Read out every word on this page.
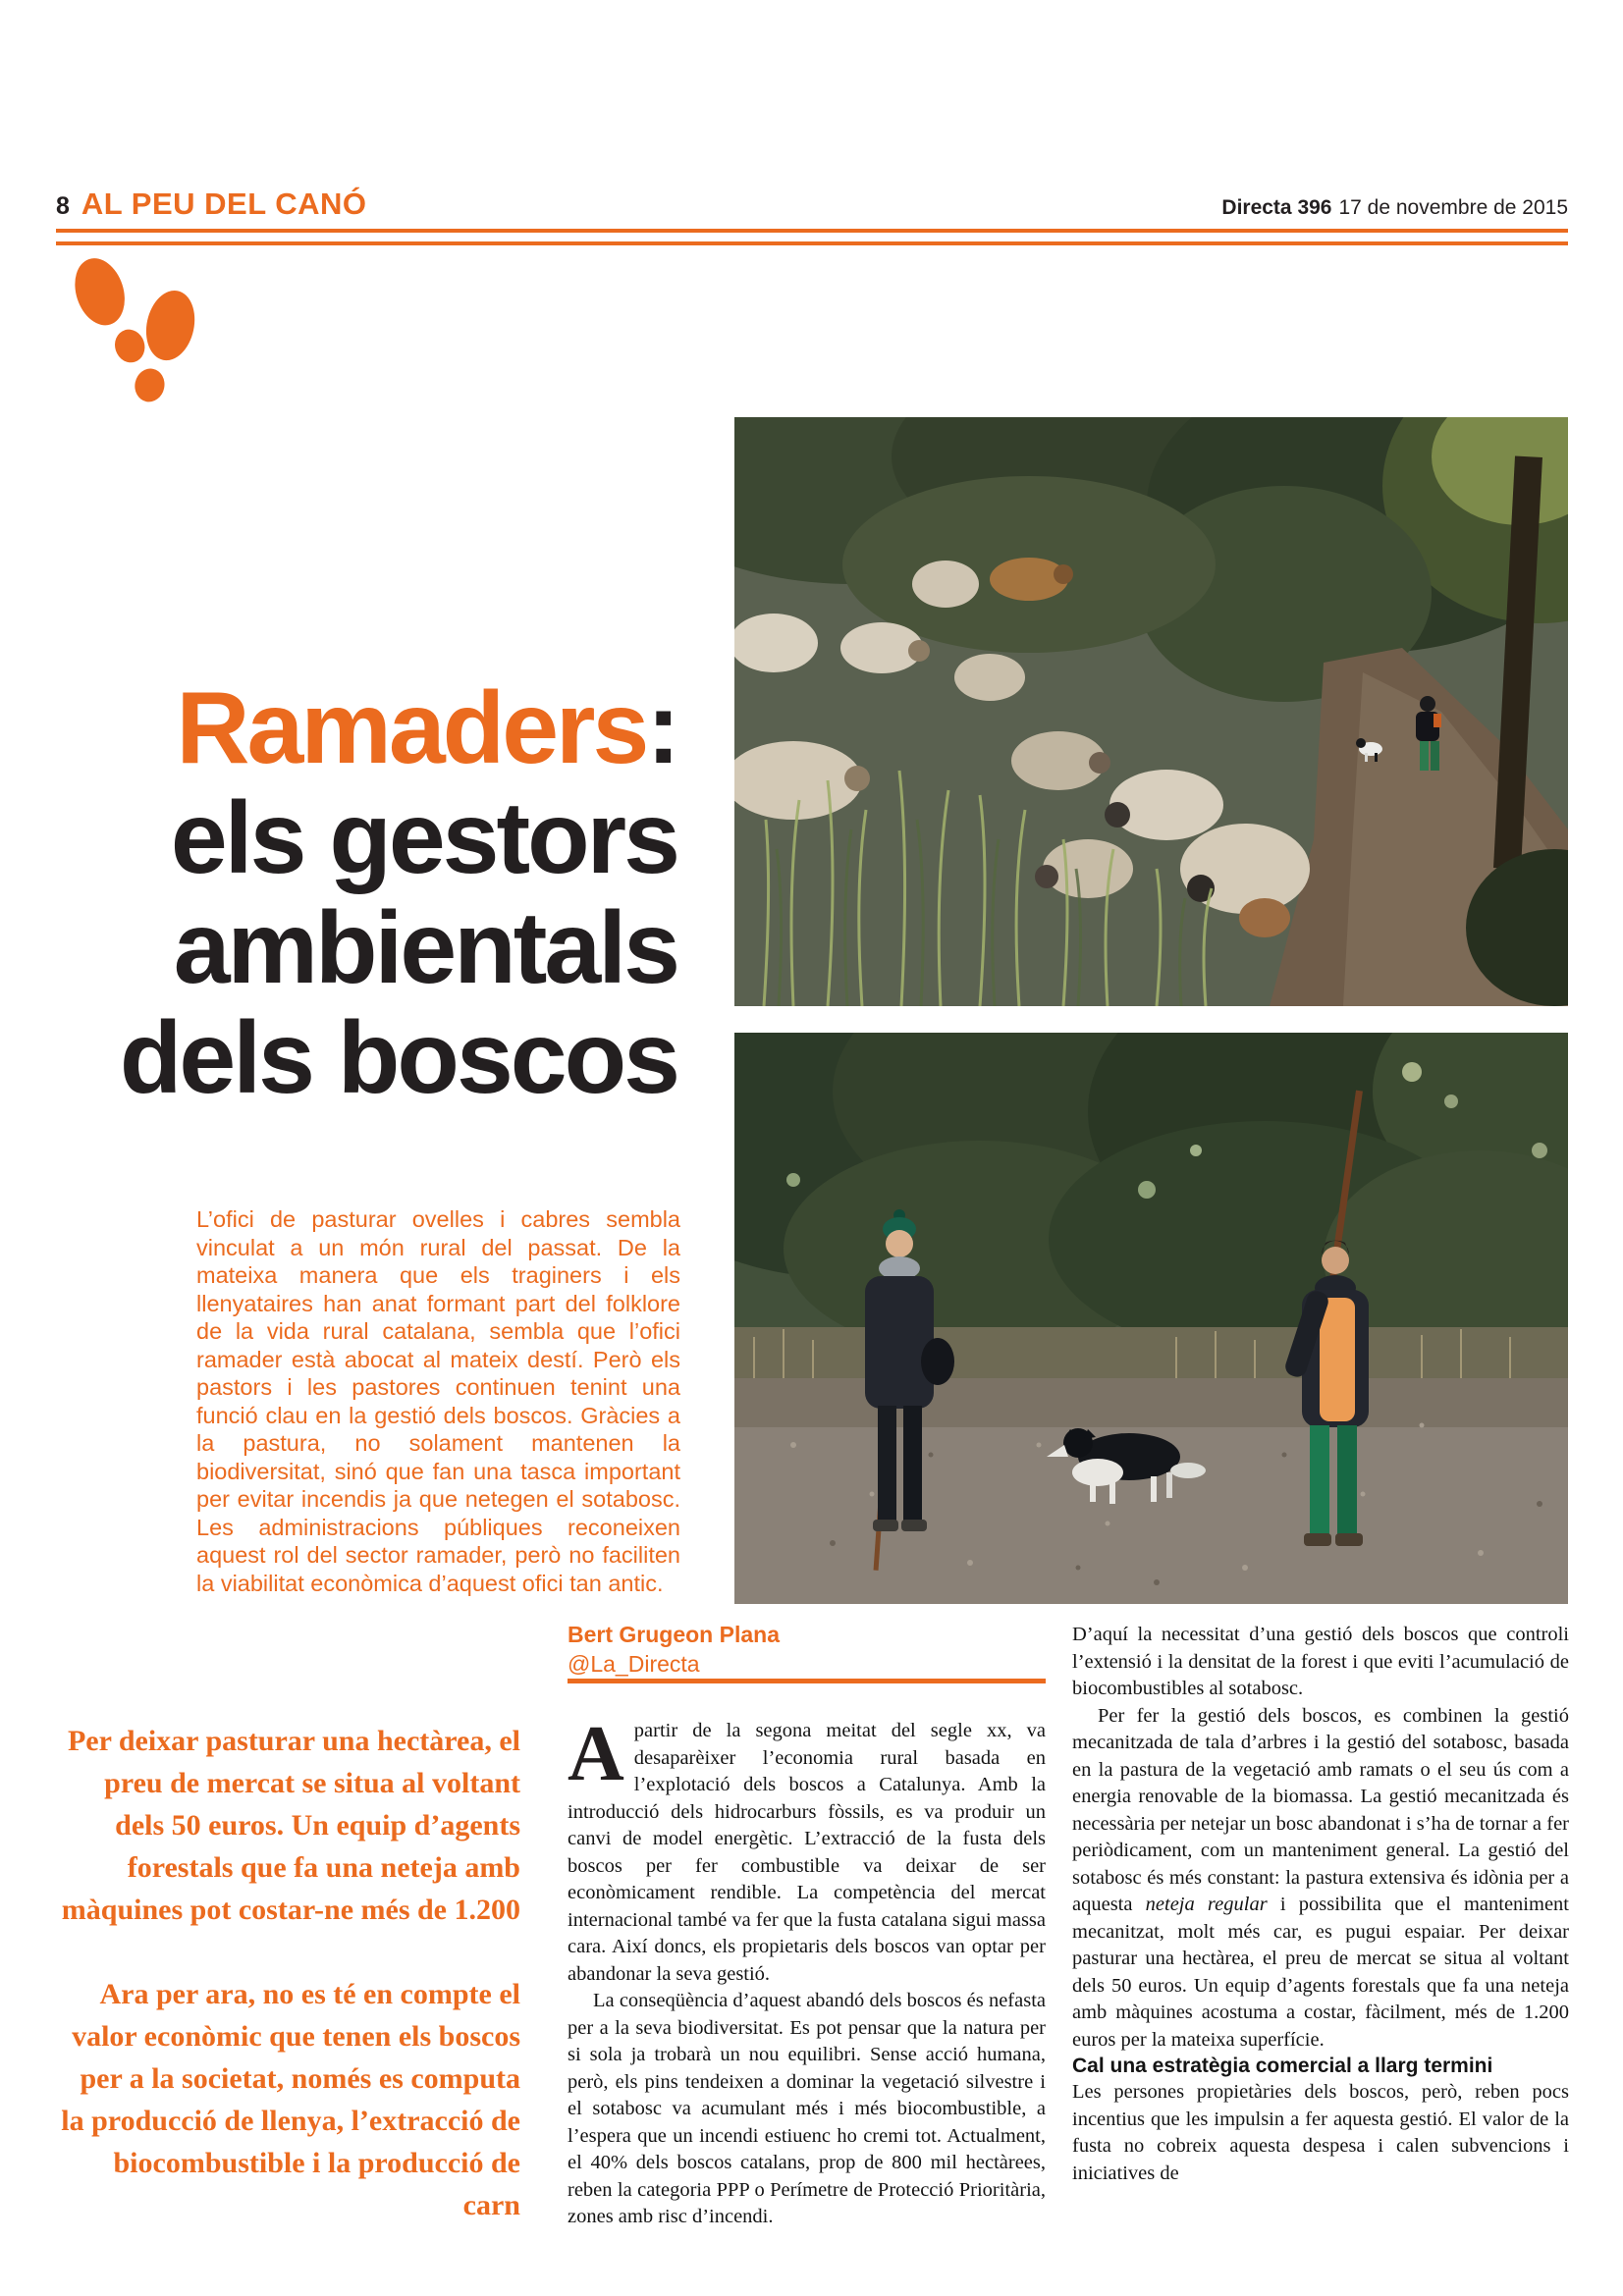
8 AL PEU DEL CANÓ	Directa 396 17 de novembre de 2015
Ramaders:
els gestors
ambientals
dels boscos
L’ofici de pasturar ovelles i cabres sembla vinculat a un món rural del passat. De la mateixa manera que els traginers i els llenyataires han anat formant part del folklore de la vida rural catalana, sembla que l’ofici ramader està abocat al mateix destí. Però els pastors i les pastores continuen tenint una funció clau en la gestió dels boscos. Gràcies a la pastura, no solament mantenen la biodiversitat, sinó que fan una tasca important per evitar incendis ja que netegen el sotabosc. Les administracions públiques reconeixen aquest rol del sector ramader, però no faciliten la viabilitat econòmica d’aquest ofici tan antic.
Bert Grugeon Plana
@La_Directa

Per deixar pasturar una hectàrea, el preu de mercat se situa al voltant dels 50 euros. Un equip d’agents forestals que fa una neteja amb màquines pot costar-ne més de 1.200

Ara per ara, no es té en compte el valor econòmic que tenen els boscos per a la societat, només es computa la producció de llenya, l’extracció de biocombustible i la producció de carn

Apartir de la segona meitat del segle xx, va desaparèixer l’economia rural basada en l’explotació dels boscos a Catalunya. Amb la introducció dels hidrocarburs fòssils, es va produir un canvi de model energètic. L’extracció de la fusta dels boscos per fer combustible va deixar de ser econòmicament rendible. La competència del mercat internacional també va fer que la fusta catalana sigui massa cara. Així doncs, els propietaris dels boscos van optar per abandonar la seva gestió.

La conseqüència d’aquest abandó dels boscos és nefasta per a la seva biodiversitat. Es pot pensar que la natura per si sola ja trobarà un nou equilibri. Sense acció humana, però, els pins tendeixen a dominar la vegetació silvestre i el sotabosc va acumulant més i més biocombustible, a l’espera que un incendi estiuenc ho cremi tot. Actualment, el 40% dels boscos catalans, prop de 800 mil hectàrees, reben la categoria PPP o Perímetre de Protecció Prioritària, zones amb risc d’incendi.

D’aquí la necessitat d’una gestió dels boscos que controli l’extensió i la densitat de la forest i que eviti l’acumulació de biocombustibles al sotabosc.

Per fer la gestió dels boscos, es combinen la gestió mecanitzada de tala d’arbres i la gestió del sotabosc, basada en la pastura de la vegetació amb ramats o el seu ús com a energia renovable de la biomassa. La gestió mecanitzada és necessària per netejar un bosc abandonat i s’ha de tornar a fer periòdicament, com un manteniment general. La gestió del sotabosc és més constant: la pastura extensiva és idònia per a aquesta neteja regular i possibilita que el manteniment mecanitzat, molt més car, es pugui espaiar. Per deixar pasturar una hectàrea, el preu de mercat se situa al voltant dels 50 euros. Un equip d’agents forestals que fa una neteja amb màquines acostuma a costar, fàcilment, més de 1.200 euros per la mateixa superfície.

Cal una estratègia comercial a llarg termini

Les persones propietàries dels boscos, però, reben pocs incentius que les impulsin a fer aquesta gestió. El valor de la fusta no cobreix aquesta despesa i calen subvencions i iniciatives de
